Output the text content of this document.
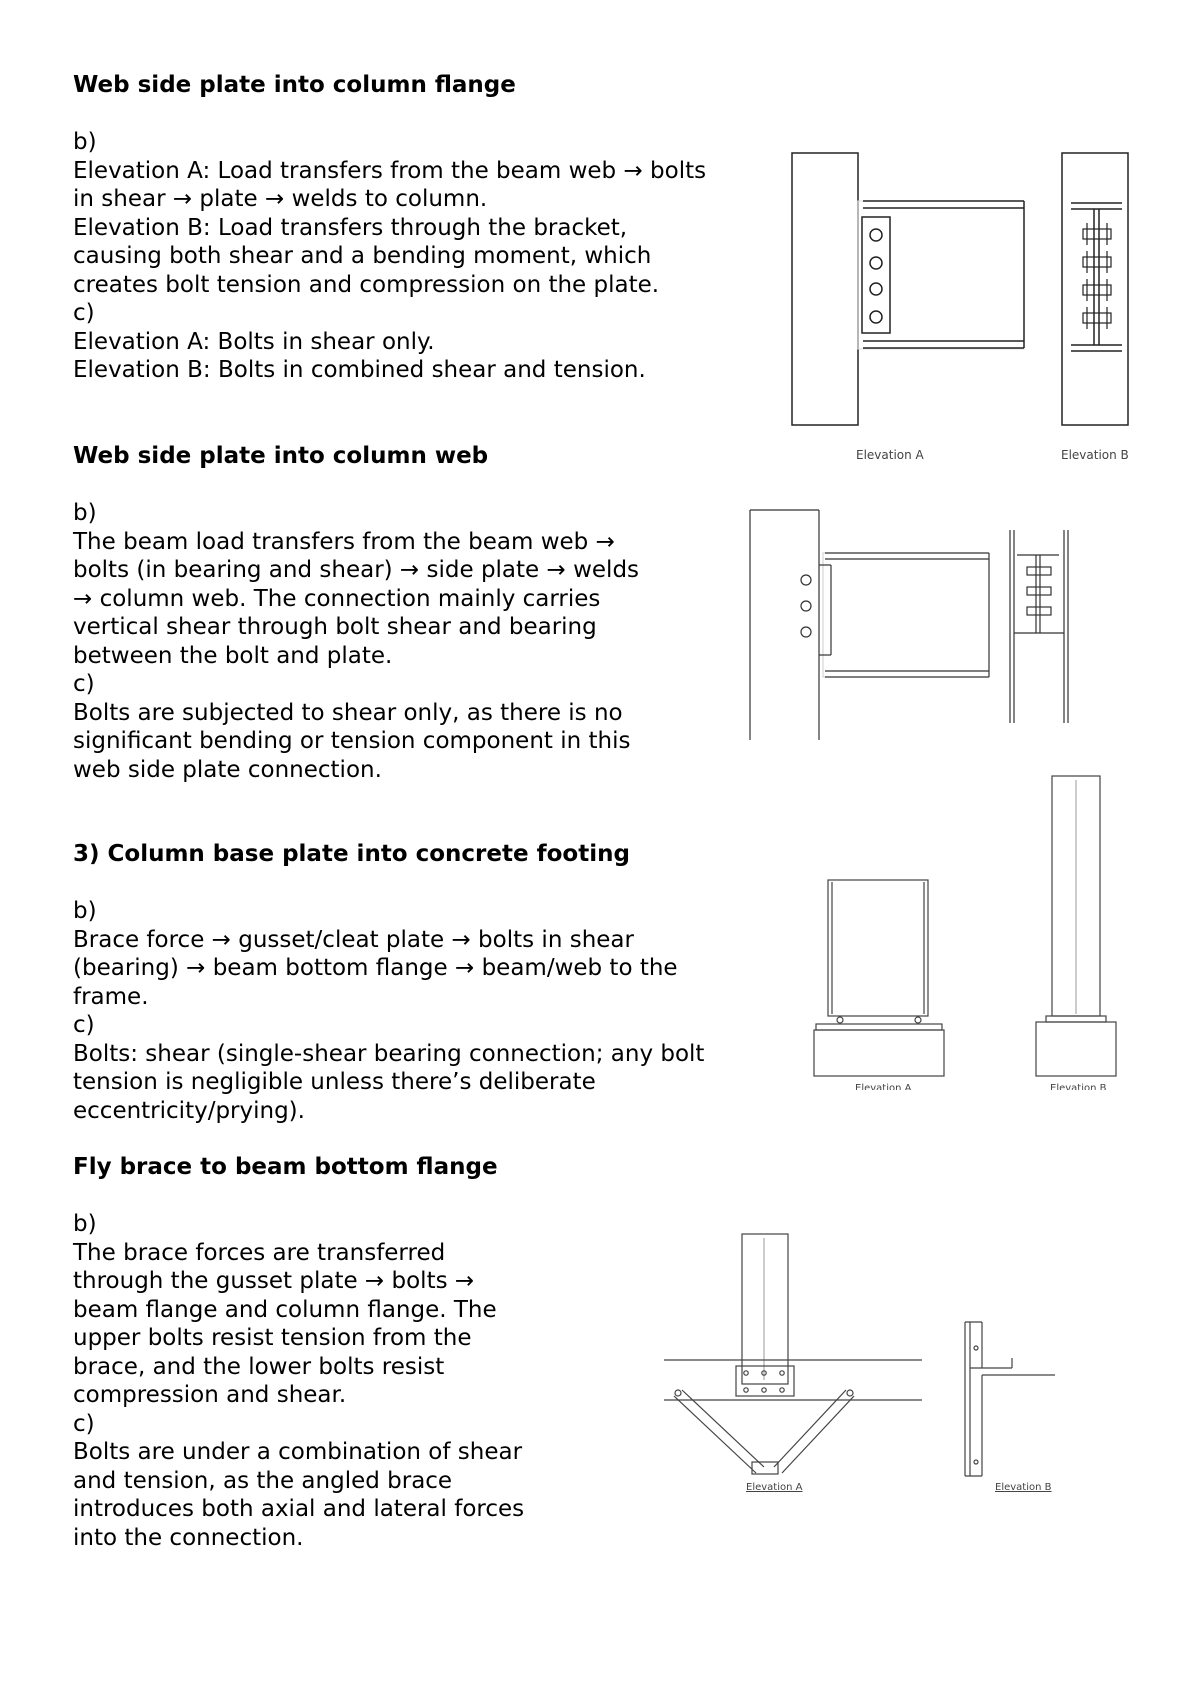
Web side plate into column flange

b)

Elevation A: Load transfers from the beam web → bolts

in shear → plate → welds to column.

Elevation B: Load transfers through the bracket,

causing both shear and a bending moment, which

creates bolt tension and compression on the plate.

c)

Elevation A: Bolts in shear only.

Elevation B: Bolts in combined shear and tension.

Web side plate into column web

b)

The beam load transfers from the beam web →

bolts (in bearing and shear) → side plate → welds

→ column web. The connection mainly carries

vertical shear through bolt shear and bearing

between the bolt and plate.

c)

Bolts are subjected to shear only, as there is no

significant bending or tension component in this

web side plate connection.

3) Column base plate into concrete footing

b)

Brace force → gusset/cleat plate → bolts in shear

(bearing) → beam bottom flange → beam/web to the

frame.

c)

Bolts: shear (single-shear bearing connection; any bolt

tension is negligible unless there’s deliberate

eccentricity/prying).

Fly brace to beam bottom flange

b)

The brace forces are transferred

through the gusset plate → bolts →

beam flange and column flange. The

upper bolts resist tension from the

brace, and the lower bolts resist

compression and shear.

c)

Bolts are under a combination of shear

and tension, as the angled brace

introduces both axial and lateral forces

into the connection.

Elevation A	Elevation B
Elevation A	Elevation B
Elevation A	Elevation B
